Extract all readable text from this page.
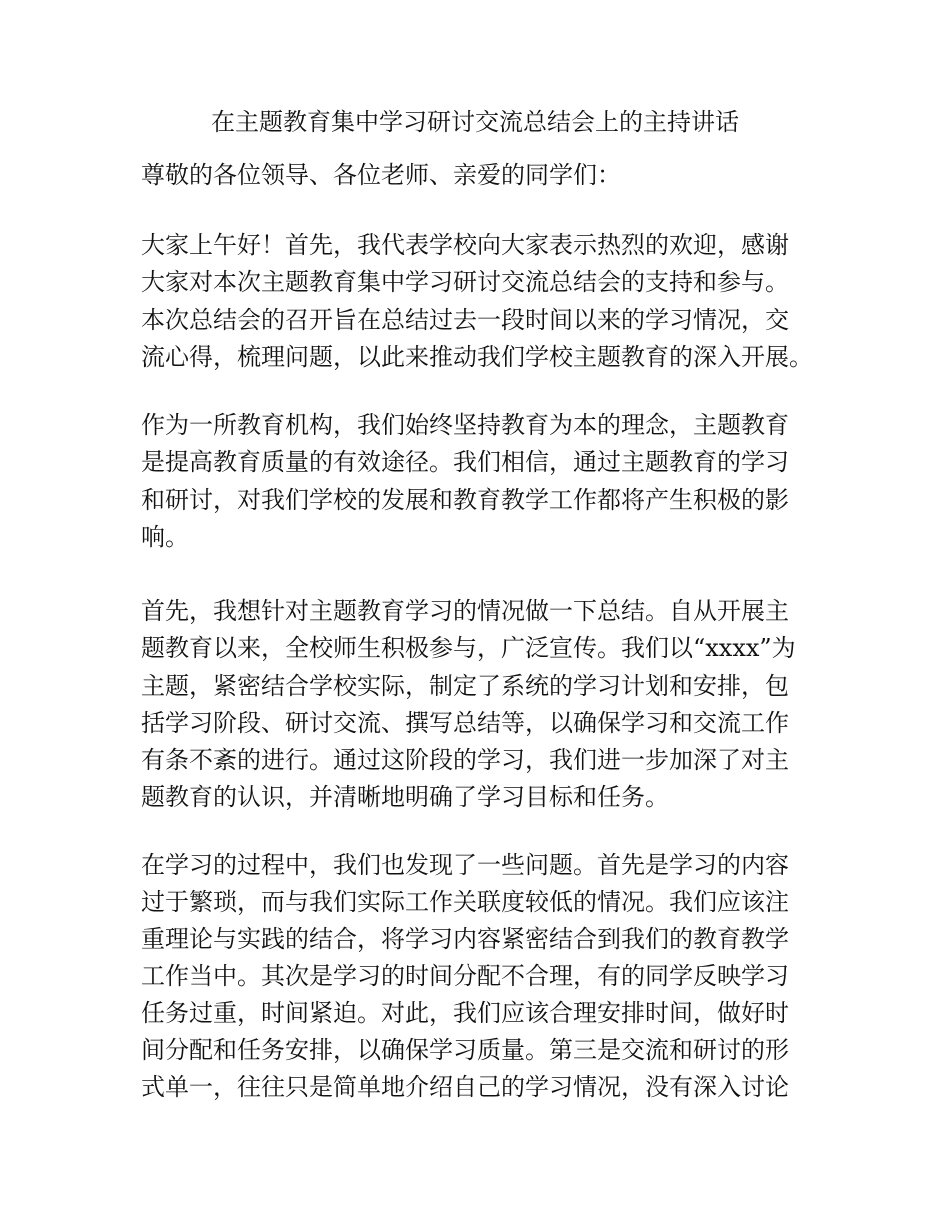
在主题教育集中学习研讨交流总结会上的主持讲话
尊敬的各位领导、各位老师、亲爱的同学们：
大家上午好！首先，我代表学校向大家表示热烈的欢迎，感谢
大家对本次主题教育集中学习研讨交流总结会的支持和参与。
本次总结会的召开旨在总结过去一段时间以来的学习情况，交
流心得，梳理问题，以此来推动我们学校主题教育的深入开展。
作为一所教育机构，我们始终坚持教育为本的理念，主题教育
是提高教育质量的有效途径。我们相信，通过主题教育的学习
和研讨，对我们学校的发展和教育教学工作都将产生积极的影
响。
首先，我想针对主题教育学习的情况做一下总结。自从开展主
题教育以来，全校师生积极参与，广泛宣传。我们以“xxxx”为
主题，紧密结合学校实际，制定了系统的学习计划和安排，包
括学习阶段、研讨交流、撰写总结等，以确保学习和交流工作
有条不紊的进行。通过这阶段的学习，我们进一步加深了对主
题教育的认识，并清晰地明确了学习目标和任务。
在学习的过程中，我们也发现了一些问题。首先是学习的内容
过于繁琐，而与我们实际工作关联度较低的情况。我们应该注
重理论与实践的结合，将学习内容紧密结合到我们的教育教学
工作当中。其次是学习的时间分配不合理，有的同学反映学习
任务过重，时间紧迫。对此，我们应该合理安排时间，做好时
间分配和任务安排，以确保学习质量。第三是交流和研讨的形
式单一，往往只是简单地介绍自己的学习情况，没有深入讨论
